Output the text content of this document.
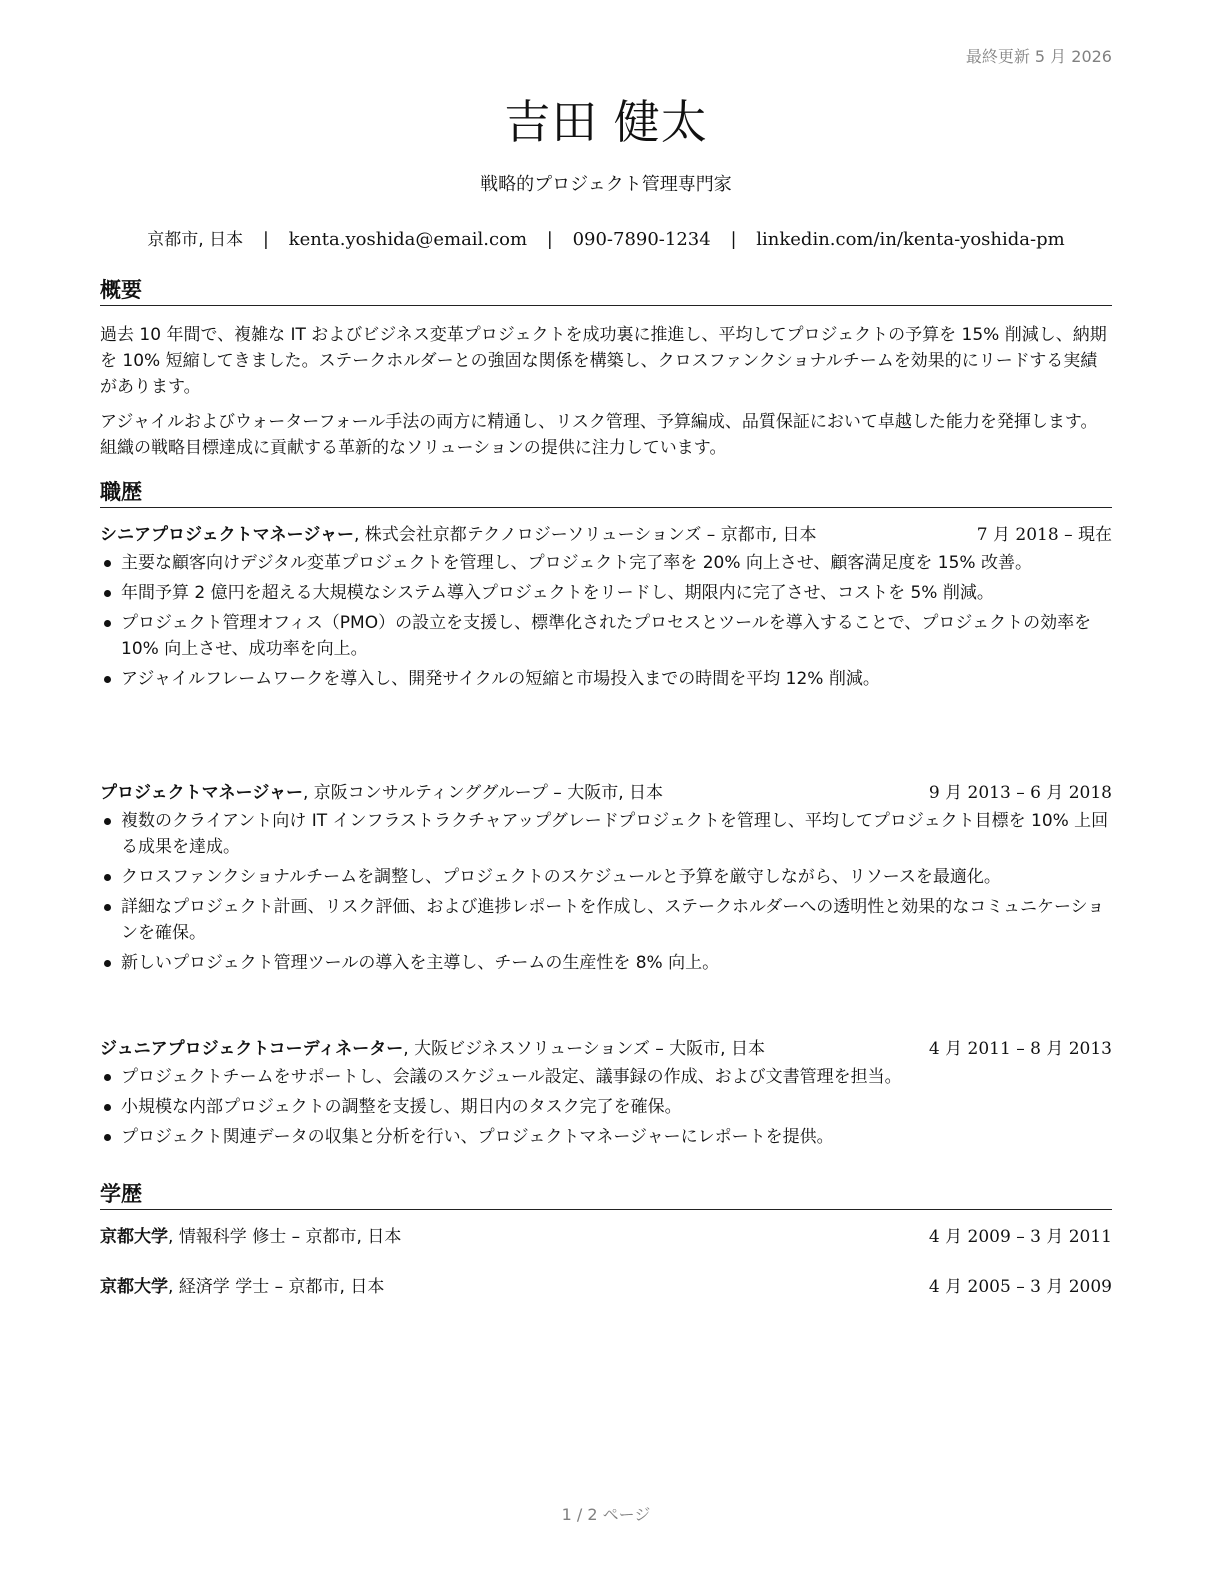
最終更新 5 月 2026
吉田 健太
戦略的プロジェクト管理専門家
京都市, 日本 | kenta.yoshida@email.com | 090-7890-1234 | linkedin.com/in/kenta-yoshida-pm
概要
過去 10 年間で、複雑な IT およびビジネス変革プロジェクトを成功裏に推進し、平均してプロジェクトの予算を 15% 削減し、納期を 10% 短縮してきました。ステークホルダーとの強固な関係を構築し、クロスファンクショナルチームを効果的にリードする実績があります。
アジャイルおよびウォーターフォール手法の両方に精通し、リスク管理、予算編成、品質保証において卓越した能力を発揮します。組織の戦略目標達成に貢献する革新的なソリューションの提供に注力しています。
職歴
シニアプロジェクトマネージャー, 株式会社京都テクノロジーソリューションズ – 京都市, 日本	7 月 2018 – 現在
主要な顧客向けデジタル変革プロジェクトを管理し、プロジェクト完了率を 20% 向上させ、顧客満足度を 15% 改善。
年間予算 2 億円を超える大規模なシステム導入プロジェクトをリードし、期限内に完了させ、コストを 5% 削減。
プロジェクト管理オフィス（PMO）の設立を支援し、標準化されたプロセスとツールを導入することで、プロジェクトの効率を 10% 向上させ、成功率を向上。
アジャイルフレームワークを導入し、開発サイクルの短縮と市場投入までの時間を平均 12% 削減。
プロジェクトマネージャー, 京阪コンサルティンググループ – 大阪市, 日本	9 月 2013 – 6 月 2018
複数のクライアント向け IT インフラストラクチャアップグレードプロジェクトを管理し、平均してプロジェクト目標を 10% 上回る成果を達成。
クロスファンクショナルチームを調整し、プロジェクトのスケジュールと予算を厳守しながら、リソースを最適化。
詳細なプロジェクト計画、リスク評価、および進捗レポートを作成し、ステークホルダーへの透明性と効果的なコミュニケーションを確保。
新しいプロジェクト管理ツールの導入を主導し、チームの生産性を 8% 向上。
ジュニアプロジェクトコーディネーター, 大阪ビジネスソリューションズ – 大阪市, 日本	4 月 2011 – 8 月 2013
プロジェクトチームをサポートし、会議のスケジュール設定、議事録の作成、および文書管理を担当。
小規模な内部プロジェクトの調整を支援し、期日内のタスク完了を確保。
プロジェクト関連データの収集と分析を行い、プロジェクトマネージャーにレポートを提供。
学歴
京都大学, 情報科学 修士 – 京都市, 日本	4 月 2009 – 3 月 2011
京都大学, 経済学 学士 – 京都市, 日本	4 月 2005 – 3 月 2009
1 / 2 ページ
